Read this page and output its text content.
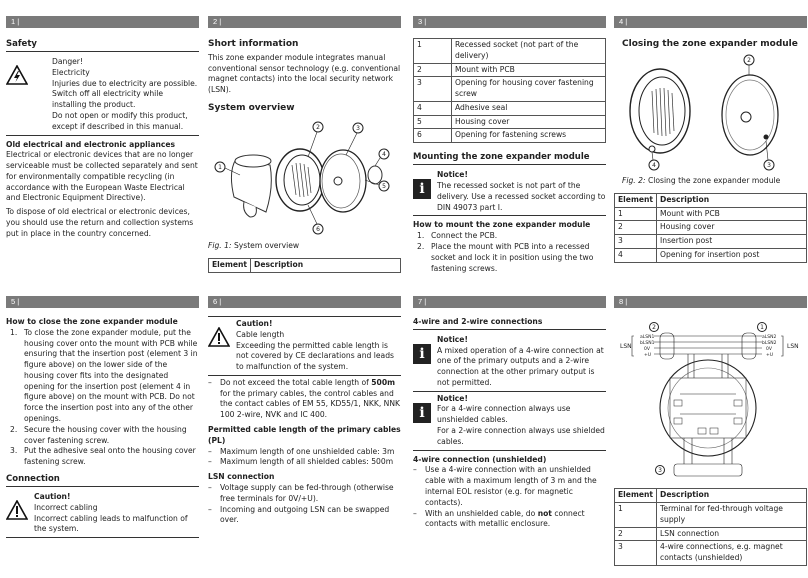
1 |
Safety
Danger!
Electricity
Injuries due to electricity are possible. Switch off all electricity while installing the product.
Do not open or modify this product, except if described in this manual.
Old electrical and electronic appliances
Electrical or electronic devices that are no longer serviceable must be collected separately and sent for environmentally compatible recycling (in accordance with the European Waste Electrical and Electronic Equipment Directive).
To dispose of old electrical or electronic devices, you should use the return and collection systems put in place in the country concerned.
2 |
Short information
This zone expander module integrates manual conventional sensor technology (e.g. conventional magnet contacts) into the local security network (LSN).
System overview
1
2	3
4
5
6
Fig. 1: System overview
Element	Description
3 |
1	Recessed socket (not part of the delivery)
2	Mount with PCB
3	Opening for housing cover fastening screw
4	Adhesive seal
5	Housing cover
6	Opening for fastening screws
Mounting the zone expander module
i
Notice!
The recessed socket is not part of the delivery. Use a recessed socket according to DIN 49073 part I.
How to mount the zone expander module
1. Connect the PCB.
2. Place the mount with PCB into a recessed socket and lock it in position using the two fastening screws.
4 |
Closing the zone expander module
2
3
4
Fig. 2: Closing the zone expander module
Element	Description
1	Mount with PCB
2	Housing cover
3	Insertion post
4	Opening for insertion post
5 |
How to close the zone expander module
1. To close the zone expander module, put the housing cover onto the mount with PCB while ensuring that the insertion post (element 3 in figure above) on the lower side of the housing cover fits into the designated opening for the insertion post (element 4 in figure above) on the mount with PCB. Do not force the insertion post into any of the other openings.
2. Secure the housing cover with the housing cover fastening screw.
3. Put the adhesive seal onto the housing cover fastening screw.
Connection
Caution!
Incorrect cabling
Incorrect cabling leads to malfunction of the system.
6 |
Caution!
Cable length
Exceeding the permitted cable length is not covered by CE declarations and leads to malfunction of the system.
–	Do not exceed the total cable length of 500m for the primary cables, the control cables and the contact cables of EM 55, KD55/1, NKK, NNK 100 2-wire, NVK and IC 400.
Permitted cable length of the primary cables (PL)
–	Maximum length of one unshielded cable: 3m
–	Maximum length of all shielded cables: 500m
LSN connection
–	Voltage supply can be fed-through (otherwise free terminals for 0V/+U).
–	Incoming and outgoing LSN can be swapped over.
7 |
4-wire and 2-wire connections
i
Notice!
A mixed operation of a 4-wire connection at one of the primary outputs and a 2-wire connection at the other primary output is not permitted.
i
Notice!
For a 4-wire connection always use unshielded cables.
For a 2-wire connection always use shielded cables.
4-wire connection (unshielded)
–	Use a 4-wire connection with an unshielded cable with a maximum length of 3 m and the internal EOL resistor (e.g. for magnetic contacts).
–	With an unshielded cable, do not connect contacts with metallic enclosure.
8 |
LSN
aLSN1
bLSN1
0V
+U
LSN
aLSN2
bLSN2
0V
+U
2	1
3
Element	Description
1	Terminal for fed-through voltage supply
2	LSN connection
3	4-wire connections, e.g. magnet contacts (unshielded)
